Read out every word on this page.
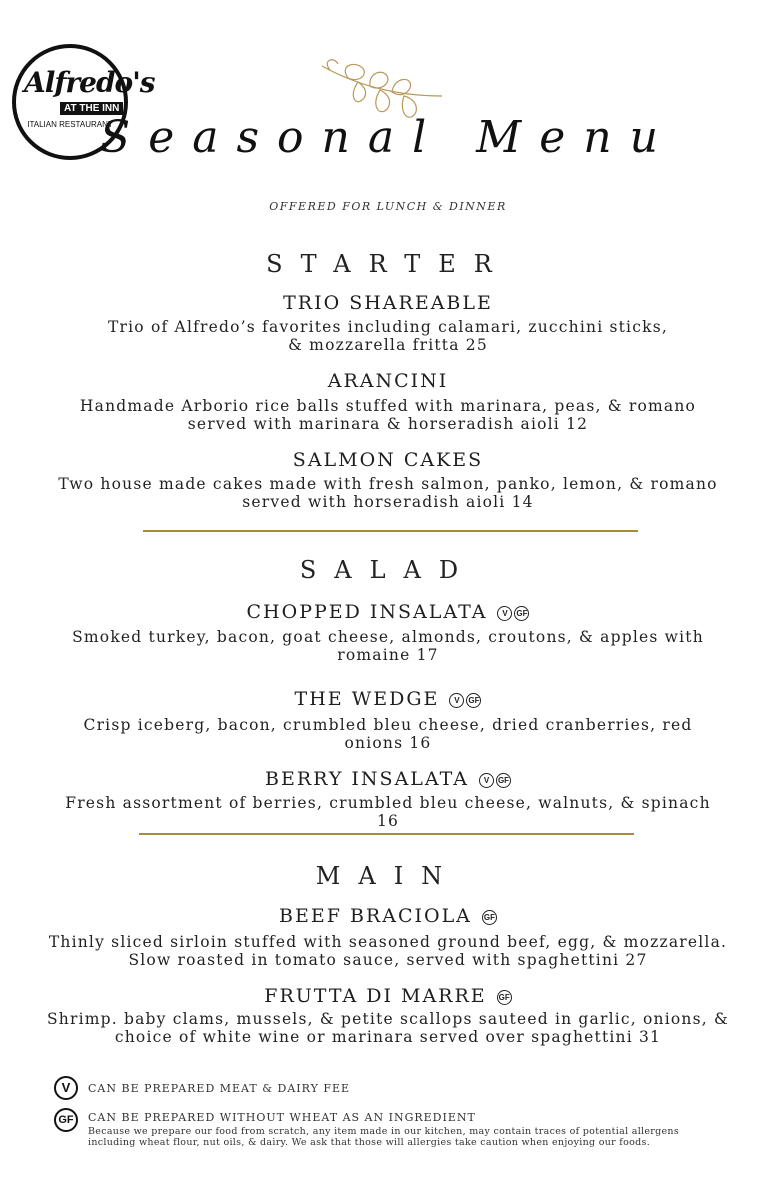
Alfredo's
AT THE INN
ITALIAN RESTAURANT
Seasonal Menu
OFFERED FOR LUNCH & DINNER
STARTER
TRIO SHAREABLE
Trio of Alfredo’s favorites including calamari, zucchini sticks,
& mozzarella fritta 25
ARANCINI
Handmade Arborio rice balls stuffed with marinara, peas, & romano
served with marinara & horseradish aioli 12
SALMON CAKES
Two house made cakes made with fresh salmon, panko, lemon, & romano
served with horseradish aioli 14
SALAD
CHOPPED INSALATA V GF
Smoked turkey, bacon, goat cheese, almonds, croutons, & apples with
romaine 17
THE WEDGE V GF
Crisp iceberg, bacon, crumbled bleu cheese, dried cranberries, red
onions 16
BERRY INSALATA V GF
Fresh assortment of berries, crumbled bleu cheese, walnuts, & spinach
16
MAIN
BEEF BRACIOLA GF
Thinly sliced sirloin stuffed with seasoned ground beef, egg, & mozzarella.
Slow roasted in tomato sauce, served with spaghettini 27
FRUTTA DI MARRE GF
Shrimp. baby clams, mussels, & petite scallops sauteed in garlic, onions, &
choice of white wine or marinara served over spaghettini 31
V	CAN BE PREPARED MEAT & DAIRY FEE
GF	CAN BE PREPARED WITHOUT WHEAT AS AN INGREDIENT
Because we prepare our food from scratch, any item made in our kitchen, may contain traces of potential allergens including wheat flour, nut oils, & dairy. We ask that those will allergies take caution when enjoying our foods.
